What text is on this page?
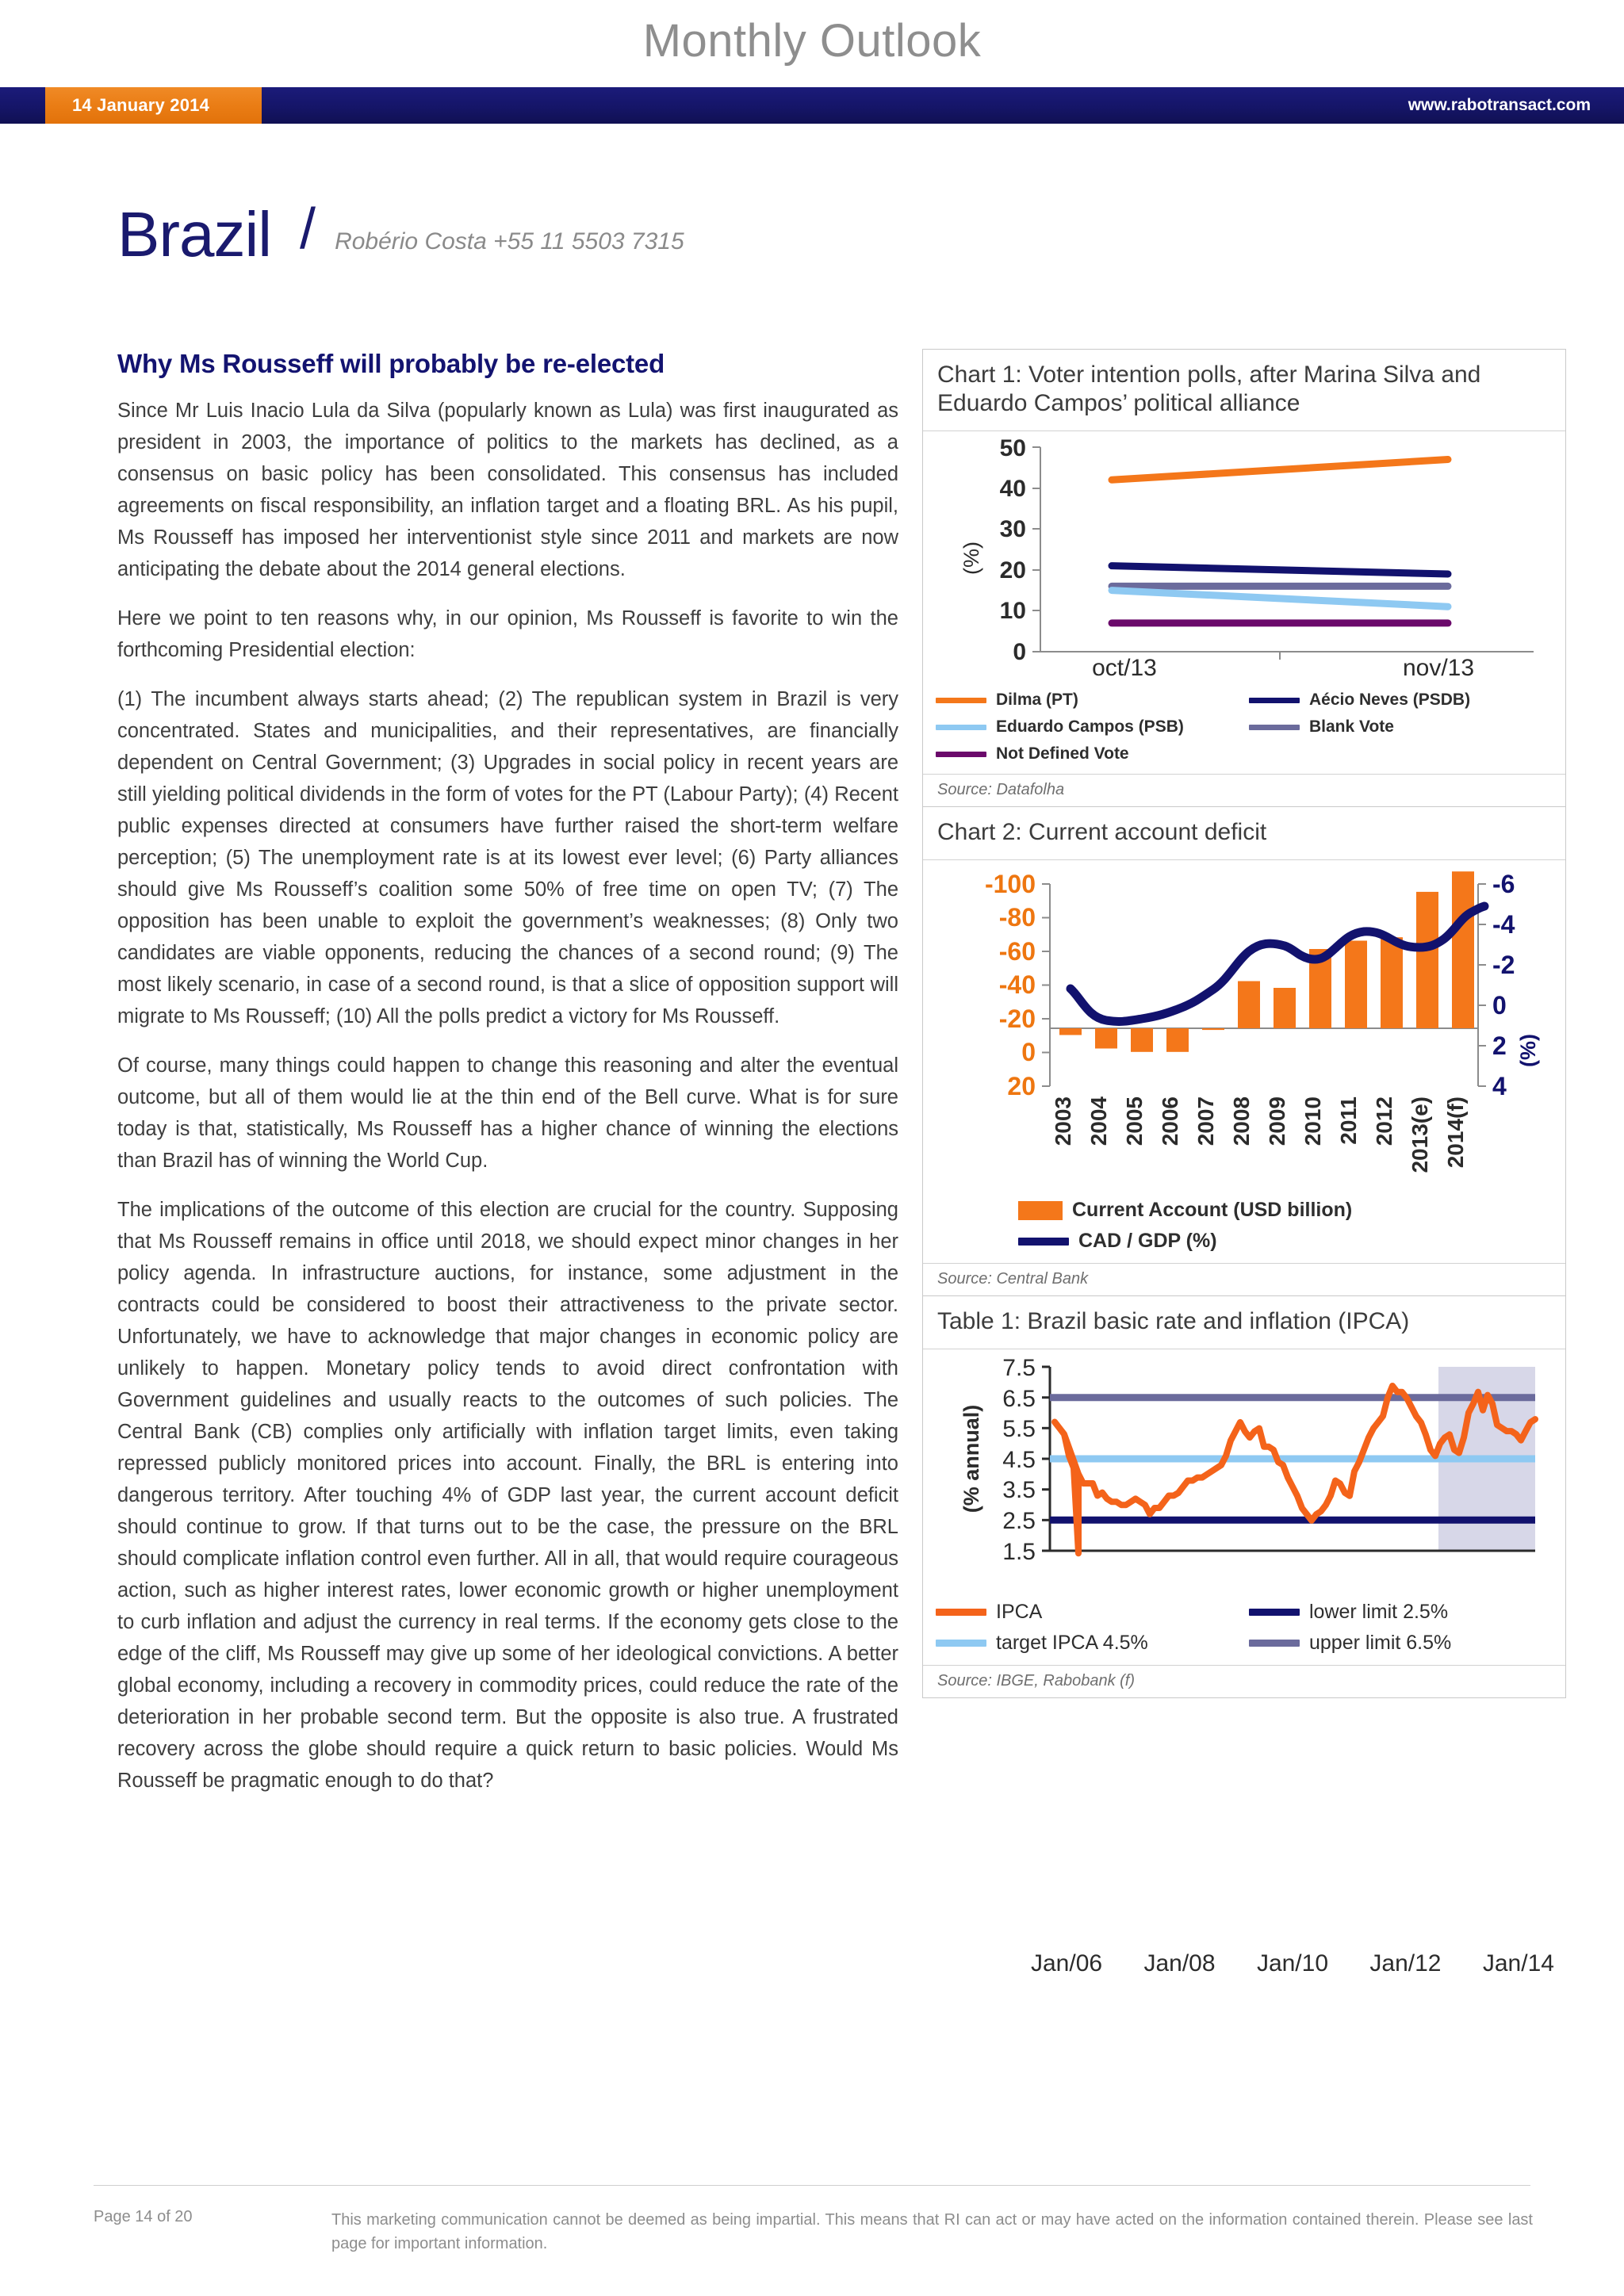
Monthly Outlook
14 January 2014	www.rabotransact.com
Brazil / Robério Costa +55 11 5503 7315
Why Ms Rousseff will probably be re-elected

Since Mr Luis Inacio Lula da Silva (popularly known as Lula) was first inaugurated as president in 2003, the importance of politics to the markets has declined, as a consensus on basic policy has been consolidated. This consensus has included agreements on fiscal responsibility, an inflation target and a floating BRL. As his pupil, Ms Rousseff has imposed her interventionist style since 2011 and markets are now anticipating the debate about the 2014 general elections.

Here we point to ten reasons why, in our opinion, Ms Rousseff is favorite to win the forthcoming Presidential election:

(1) The incumbent always starts ahead; (2) The republican system in Brazil is very concentrated. States and municipalities, and their representatives, are financially dependent on Central Government; (3) Upgrades in social policy in recent years are still yielding political dividends in the form of votes for the PT (Labour Party); (4) Recent public expenses directed at consumers have further raised the short-term welfare perception; (5) The unemployment rate is at its lowest ever level; (6) Party alliances should give Ms Rousseff’s coalition some 50% of free time on open TV; (7) The opposition has been unable to exploit the government’s weaknesses; (8) Only two candidates are viable opponents, reducing the chances of a second round; (9) The most likely scenario, in case of a second round, is that a slice of opposition support will migrate to Ms Rousseff; (10) All the polls predict a victory for Ms Rousseff.

Of course, many things could happen to change this reasoning and alter the eventual outcome, but all of them would lie at the thin end of the Bell curve. What is for sure today is that, statistically, Ms Rousseff has a higher chance of winning the elections than Brazil has of winning the World Cup.

The implications of the outcome of this election are crucial for the country. Supposing that Ms Rousseff remains in office until 2018, we should expect minor changes in her policy agenda. In infrastructure auctions, for instance, some adjustment in the contracts could be considered to boost their attractiveness to the private sector. Unfortunately, we have to acknowledge that major changes in economic policy are unlikely to happen. Monetary policy tends to avoid direct confrontation with Government guidelines and usually reacts to the outcomes of such policies. The Central Bank (CB) complies only artificially with inflation target limits, even taking repressed publicly monitored prices into account. Finally, the BRL is entering into dangerous territory. After touching 4% of GDP last year, the current account deficit should continue to grow. If that turns out to be the case, the pressure on the BRL should complicate inflation control even further. All in all, that would require courageous action, such as higher interest rates, lower economic growth or higher unemployment to curb inflation and adjust the currency in real terms. If the economy gets close to the edge of the cliff, Ms Rousseff may give up some of her ideological convictions. A better global economy, including a recovery in commodity prices, could reduce the rate of the deterioration in her probable second term. But the opposite is also true. A frustrated recovery across the globe should require a quick return to basic policies. Would Ms Rousseff be pragmatic enough to do that?

Chart 1: Voter intention polls, after Marina Silva and Eduardo Campos’ political alliance
0
10
20
30
40
50
(%)
oct/13	nov/13
Dilma (PT)	Aécio Neves (PSDB)
Eduardo Campos (PSB)	Blank Vote
Not Defined Vote
Source: Datafolha
Chart 2: Current account deficit
-100
-80
-60
-40
-20
0
20
-6
-4
-2
0
2
4
(%)
2003 2004 2005 2006 2007 2008 2009 2010 2011 2012 2013(e) 2014(f)
Current Account (USD billion)
CAD / GDP (%)
Source: Central Bank
Table 1: Brazil basic rate and inflation (IPCA)
7.5
6.5
5.5
4.5
3.5
2.5
1.5
(% annual)
IPCA	lower limit 2.5%
target IPCA 4.5%	upper limit 6.5%
Source: IBGE, Rabobank (f)
Jan/06 Jan/08 Jan/10 Jan/12 Jan/14
Page 14 of 20	This marketing communication cannot be deemed as being impartial. This means that RI can act or may have acted on the information contained therein. Please see last page for important information.
